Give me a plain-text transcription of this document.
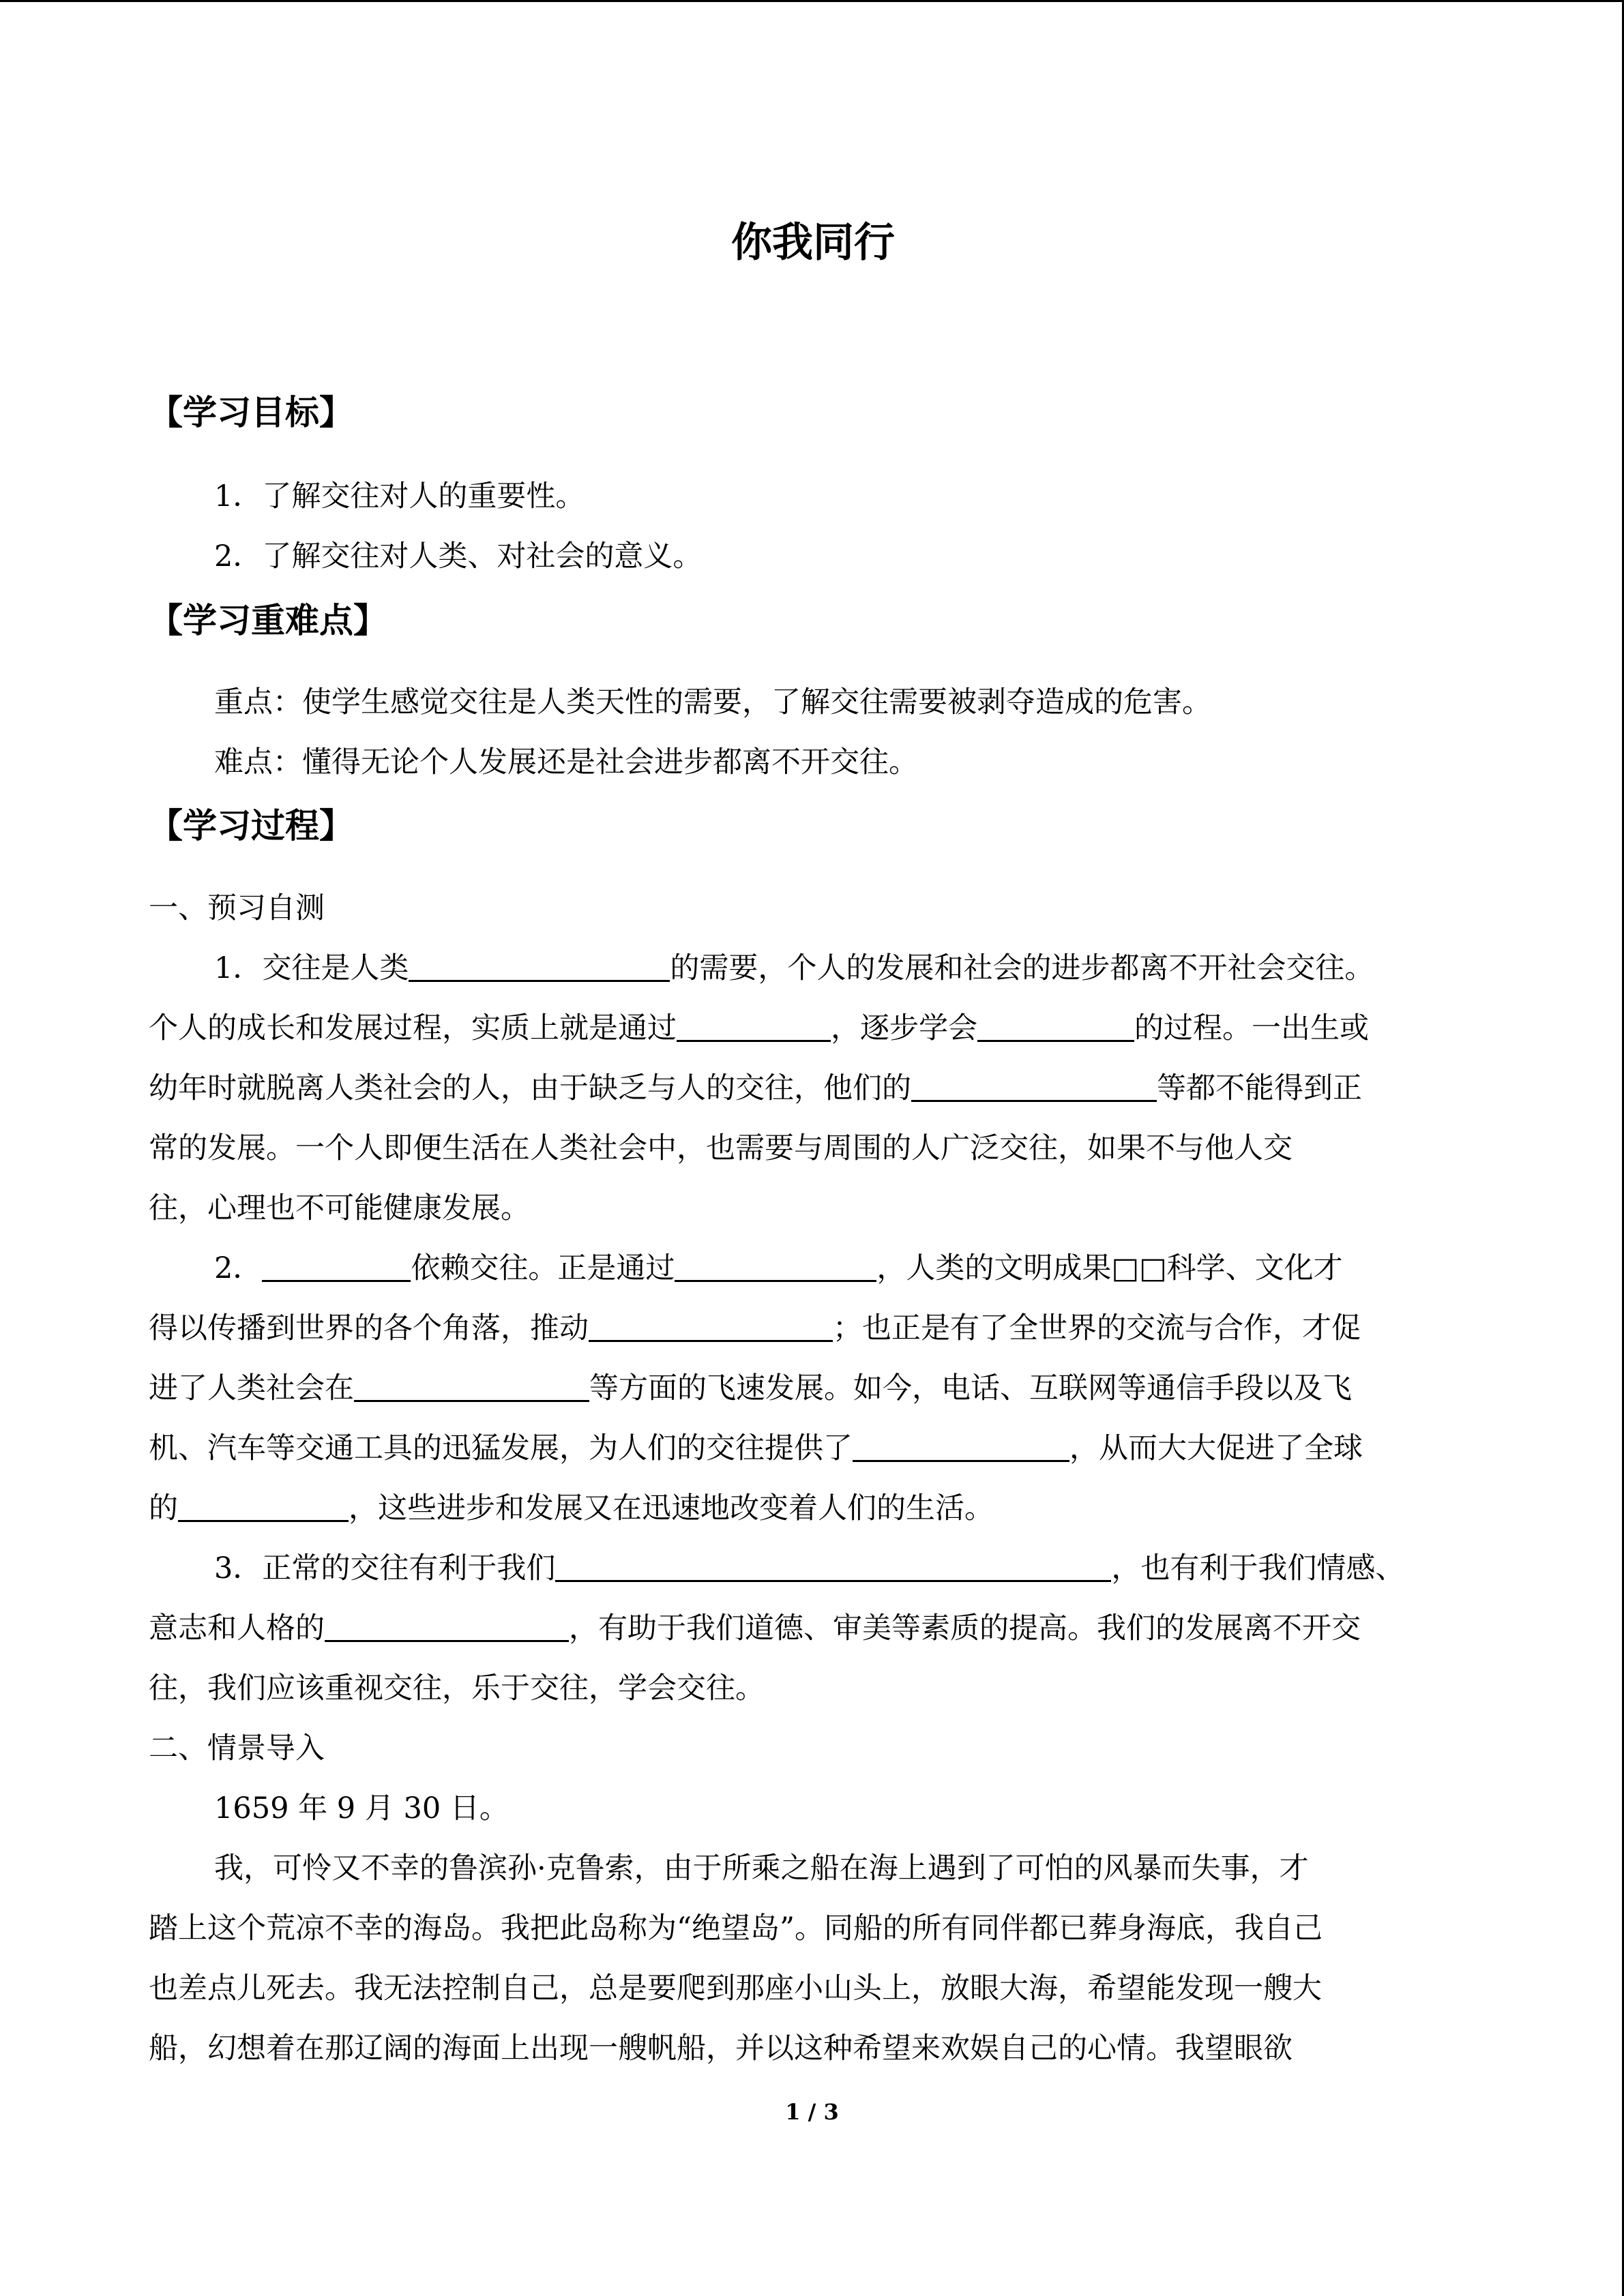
你我同行
【学习目标】
1．了解交往对人的重要性。
2．了解交往对人类、对社会的意义。
【学习重难点】
重点：使学生感觉交往是人类天性的需要，了解交往需要被剥夺造成的危害。
难点：懂得无论个人发展还是社会进步都离不开交往。
【学习过程】
一、预习自测
1．交往是人类	的需要，个人的发展和社会的进步都离不开社会交往。
个人的成长和发展过程，实质上就是通过	，逐步学会	的过程。一出生或
幼年时就脱离人类社会的人，由于缺乏与人的交往，他们的	等都不能得到正
常的发展。一个人即便生活在人类社会中，也需要与周围的人广泛交往，如果不与他人交
往，心理也不可能健康发展。
2．	依赖交往。正是通过	，人类的文明成果□□科学、文化才
得以传播到世界的各个角落，推动	；也正是有了全世界的交流与合作，才促
进了人类社会在	等方面的飞速发展。如今，电话、互联网等通信手段以及飞
机、汽车等交通工具的迅猛发展，为人们的交往提供了	，从而大大促进了全球
的	，这些进步和发展又在迅速地改变着人们的生活。
3．正常的交往有利于我们	，也有利于我们情感、
意志和人格的	，有助于我们道德、审美等素质的提高。我们的发展离不开交
往，我们应该重视交往，乐于交往，学会交往。
二、情景导入
1659 年 9 月 30 日。
我，可怜又不幸的鲁滨孙·克鲁索，由于所乘之船在海上遇到了可怕的风暴而失事，才
踏上这个荒凉不幸的海岛。我把此岛称为“绝望岛”。同船的所有同伴都已葬身海底，我自己
也差点儿死去。我无法控制自己，总是要爬到那座小山头上，放眼大海，希望能发现一艘大
船，幻想着在那辽阔的海面上出现一艘帆船，并以这种希望来欢娱自己的心情。我望眼欲
1 / 3
